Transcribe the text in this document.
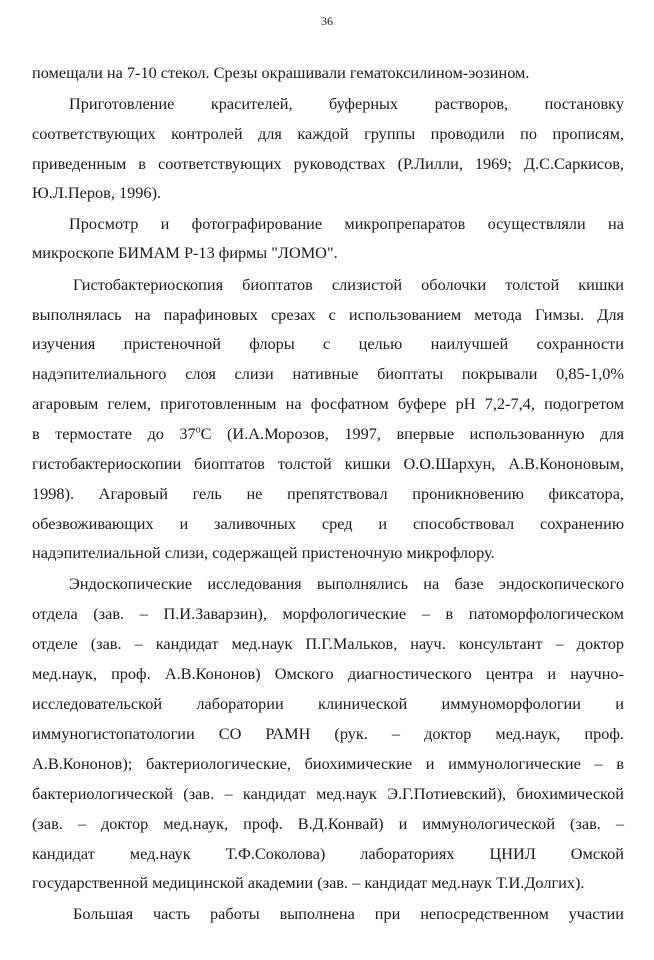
36
помещали на 7-10 стекол. Срезы окрашивали гематоксилином-эозином.
Приготовление красителей, буферных растворов, постановку
соответствующих контролей для каждой группы проводили по прописям,
приведенным в соответствующих руководствах (Р.Лилли, 1969; Д.С.Саркисов,
Ю.Л.Перов, 1996).
Просмотр и фотографирование микропрепаратов осуществляли на
микроскопе БИМАМ Р-13 фирмы "ЛОМО".
Гистобактериоскопия биоптатов слизистой оболочки толстой кишки
выполнялась на парафиновых срезах с использованием метода Гимзы. Для
изучения пристеночной флоры с целью наилучшей сохранности
надэпителиального слоя слизи нативные биоптаты покрывали 0,85-1,0%
агаровым гелем, приготовленным на фосфатном буфере рН 7,2-7,4, подогретом
в термостате до $37^оС$ (И.А.Морозов, 1997, впервые использованную для
гистобактериоскопии биоптатов толстой кишки О.О.Шархун, А.В.Кононовым,
1998). Агаровый гель не препятствовал проникновению фиксатора,
обезвоживающих и заливочных сред и способствовал сохранению
надэпителиальной слизи, содержащей пристеночную микрофлору.
Эндоскопические исследования выполнялись на базе эндоскопического
отдела (зав. – П.И.Заварзин), морфологические – в патоморфологическом
отделе (зав. – кандидат мед.наук П.Г.Мальков, науч. консультант – доктор
мед.наук, проф. А.В.Кононов) Омского диагностического центра и научно-
исследовательской лаборатории клинической иммуноморфологии и
иммуногистопатологии СО РАМН (рук. – доктор мед.наук, проф.
А.В.Кононов); бактериологические, биохимические и иммунологические – в
бактериологической (зав. – кандидат мед.наук Э.Г.Потиевский), биохимической
(зав. – доктор мед.наук, проф. В.Д.Конвай) и иммунологической (зав. –
кандидат мед.наук Т.Ф.Соколова) лабораториях ЦНИЛ Омской
государственной медицинской академии (зав. – кандидат мед.наук Т.И.Долгих).
Большая часть работы выполнена при непосредственном участии
